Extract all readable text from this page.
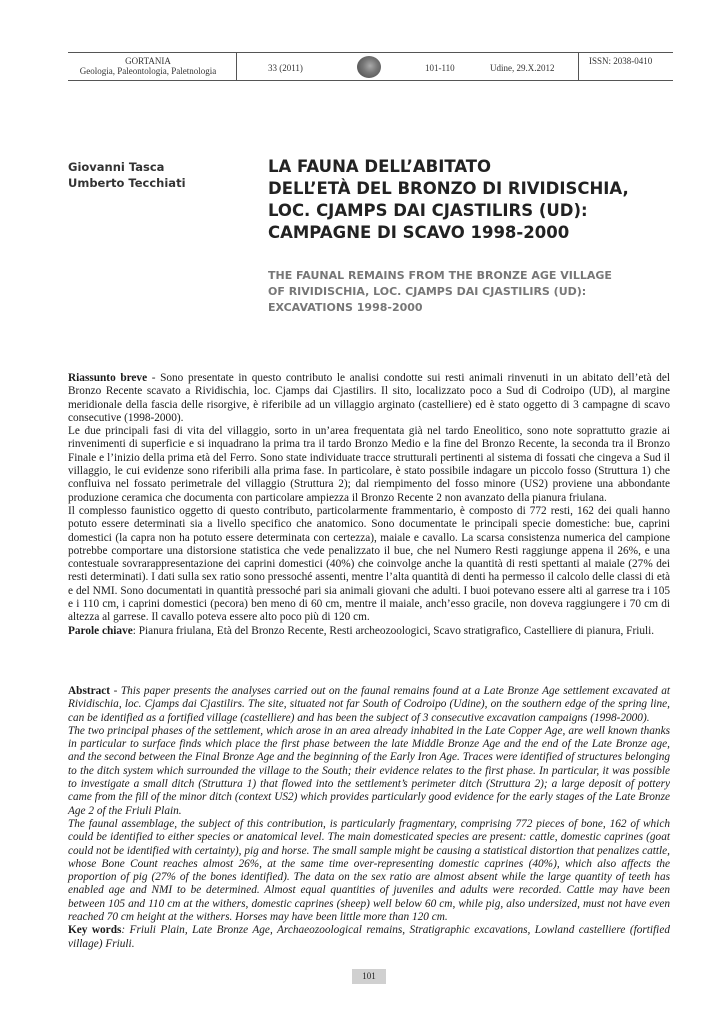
GORTANIA
Geologia, Paleontologia, Paletnologia	33 (2011)	101-110	Udine, 29.X.2012
ISSN: 2038-0410
Giovanni Tasca
Umberto Tecchiati
LA FAUNA DELL’ABITATO
DELL’ETÀ DEL BRONZO DI RIVIDISCHIA,
LOC. CJAMPS DAI CJASTILIRS (UD):
CAMPAGNE DI SCAVO 1998-2000
THE FAUNAL REMAINS FROM THE BRONZE AGE VILLAGE
OF RIVIDISCHIA, LOC. CJAMPS DAI CJASTILIRS (UD):
EXCAVATIONS 1998-2000

Riassunto breve - Sono presentate in questo contributo le analisi condotte sui resti animali rinvenuti in un abitato dell’età del Bronzo Recente scavato a Rividischia, loc. Cjamps dai Cjastilirs. Il sito, localizzato poco a Sud di Codroipo (UD), al margine meridionale della fascia delle risorgive, è riferibile ad un villaggio arginato (castelliere) ed è stato oggetto di 3 campagne di scavo consecutive (1998-2000).

Le due principali fasi di vita del villaggio, sorto in un’area frequentata già nel tardo Eneolitico, sono note soprattutto grazie ai rinvenimenti di superficie e si inquadrano la prima tra il tardo Bronzo Medio e la fine del Bronzo Recente, la seconda tra il Bronzo Finale e l’inizio della prima età del Ferro. Sono state individuate tracce strutturali pertinenti al sistema di fossati che cingeva a Sud il villaggio, le cui evidenze sono riferibili alla prima fase. In particolare, è stato possibile indagare un piccolo fosso (Struttura 1) che confluiva nel fossato perimetrale del villaggio (Struttura 2); dal riempimento del fosso minore (US2) proviene una abbondante produzione ceramica che documenta con particolare ampiezza il Bronzo Recente 2 non avanzato della pianura friulana.

Il complesso faunistico oggetto di questo contributo, particolarmente frammentario, è composto di 772 resti, 162 dei quali hanno potuto essere determinati sia a livello specifico che anatomico. Sono documentate le principali specie domestiche: bue, caprini domestici (la capra non ha potuto essere determinata con certezza), maiale e cavallo. La scarsa consistenza numerica del campione potrebbe comportare una distorsione statistica che vede penalizzato il bue, che nel Numero Resti raggiunge appena il 26%, e una contestuale sovrarappresentazione dei caprini domestici (40%) che coinvolge anche la quantità di resti spettanti al maiale (27% dei resti determinati). I dati sulla sex ratio sono pressoché assenti, mentre l’alta quantità di denti ha permesso il calcolo delle classi di età e del NMI. Sono documentati in quantità pressoché pari sia animali giovani che adulti. I buoi potevano essere alti al garrese tra i 105 e i 110 cm, i caprini domestici (pecora) ben meno di 60 cm, mentre il maiale, anch’esso gracile, non doveva raggiungere i 70 cm di altezza al garrese. Il cavallo poteva essere alto poco più di 120 cm.

Parole chiave: Pianura friulana, Età del Bronzo Recente, Resti archeozoologici, Scavo stratigrafico, Castelliere di pianura, Friuli.

Abstract - This paper presents the analyses carried out on the faunal remains found at a Late Bronze Age settlement excavated at Rividischia, loc. Cjamps dai Cjastilirs. The site, situated not far South of Codroipo (Udine), on the southern edge of the spring line, can be identified as a fortified village (castelliere) and has been the subject of 3 consecutive excavation campaigns (1998-2000).

The two principal phases of the settlement, which arose in an area already inhabited in the Late Copper Age, are well known thanks in particular to surface finds which place the first phase between the late Middle Bronze Age and the end of the Late Bronze age, and the second between the Final Bronze Age and the beginning of the Early Iron Age. Traces were identified of structures belonging to the ditch system which surrounded the village to the South; their evidence relates to the first phase. In particular, it was possible to investigate a small ditch (Struttura 1) that flowed into the settlement’s perimeter ditch (Struttura 2); a large deposit of pottery came from the fill of the minor ditch (context US2) which provides particularly good evidence for the early stages of the Late Bronze Age 2 of the Friuli Plain.

The faunal assemblage, the subject of this contribution, is particularly fragmentary, comprising 772 pieces of bone, 162 of which could be identified to either species or anatomical level. The main domesticated species are present: cattle, domestic caprines (goat could not be identified with certainty), pig and horse. The small sample might be causing a statistical distortion that penalizes cattle, whose Bone Count reaches almost 26%, at the same time over-representing domestic caprines (40%), which also affects the proportion of pig (27% of the bones identified). The data on the sex ratio are almost absent while the large quantity of teeth has enabled age and NMI to be determined. Almost equal quantities of juveniles and adults were recorded. Cattle may have been between 105 and 110 cm at the withers, domestic caprines (sheep) well below 60 cm, while pig, also undersized, must not have even reached 70 cm height at the withers. Horses may have been little more than 120 cm.

Key words: Friuli Plain, Late Bronze Age, Archaeozoological remains, Stratigraphic excavations, Lowland castelliere (fortified village) Friuli.

101
